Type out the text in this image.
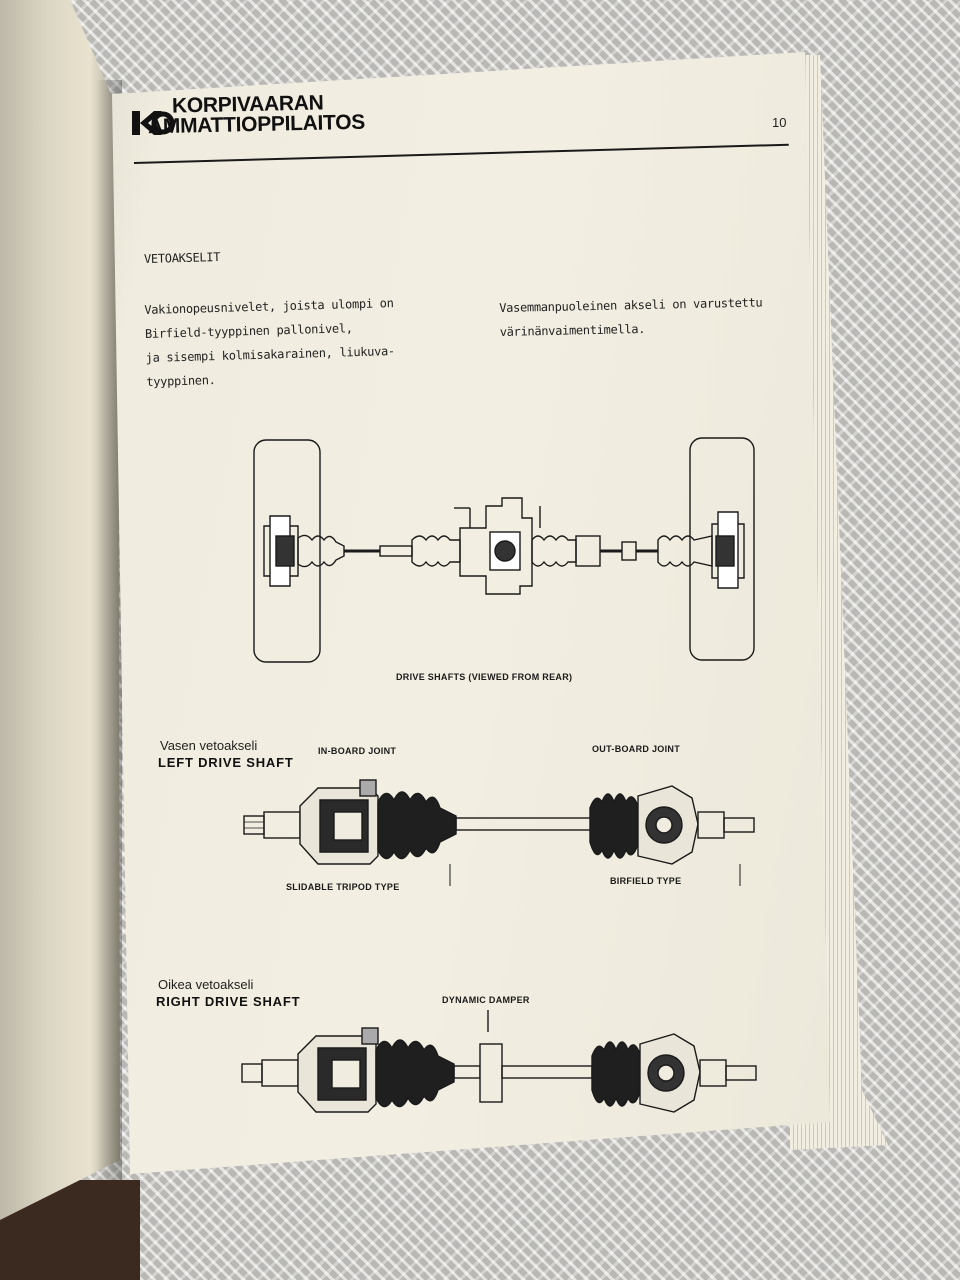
KORPIVAARAN
AMMATTIOPPILAITOS	10
VETOAKSELIT
Vakionopeusnivelet, joista ulompi on
Birfield-tyyppinen pallonivel,
ja sisempi kolmisakarainen, liukuva-
tyyppinen.
Vasemmanpuoleinen akseli on varustettu
värinänvaimentimella.
DRIVE SHAFTS (VIEWED FROM REAR)
Vasen vetoakseli
LEFT DRIVE SHAFT
IN-BOARD JOINT	OUT-BOARD JOINT
SLIDABLE TRIPOD TYPE
BIRFIELD TYPE
Oikea vetoakseli
RIGHT DRIVE SHAFT	DYNAMIC DAMPER
